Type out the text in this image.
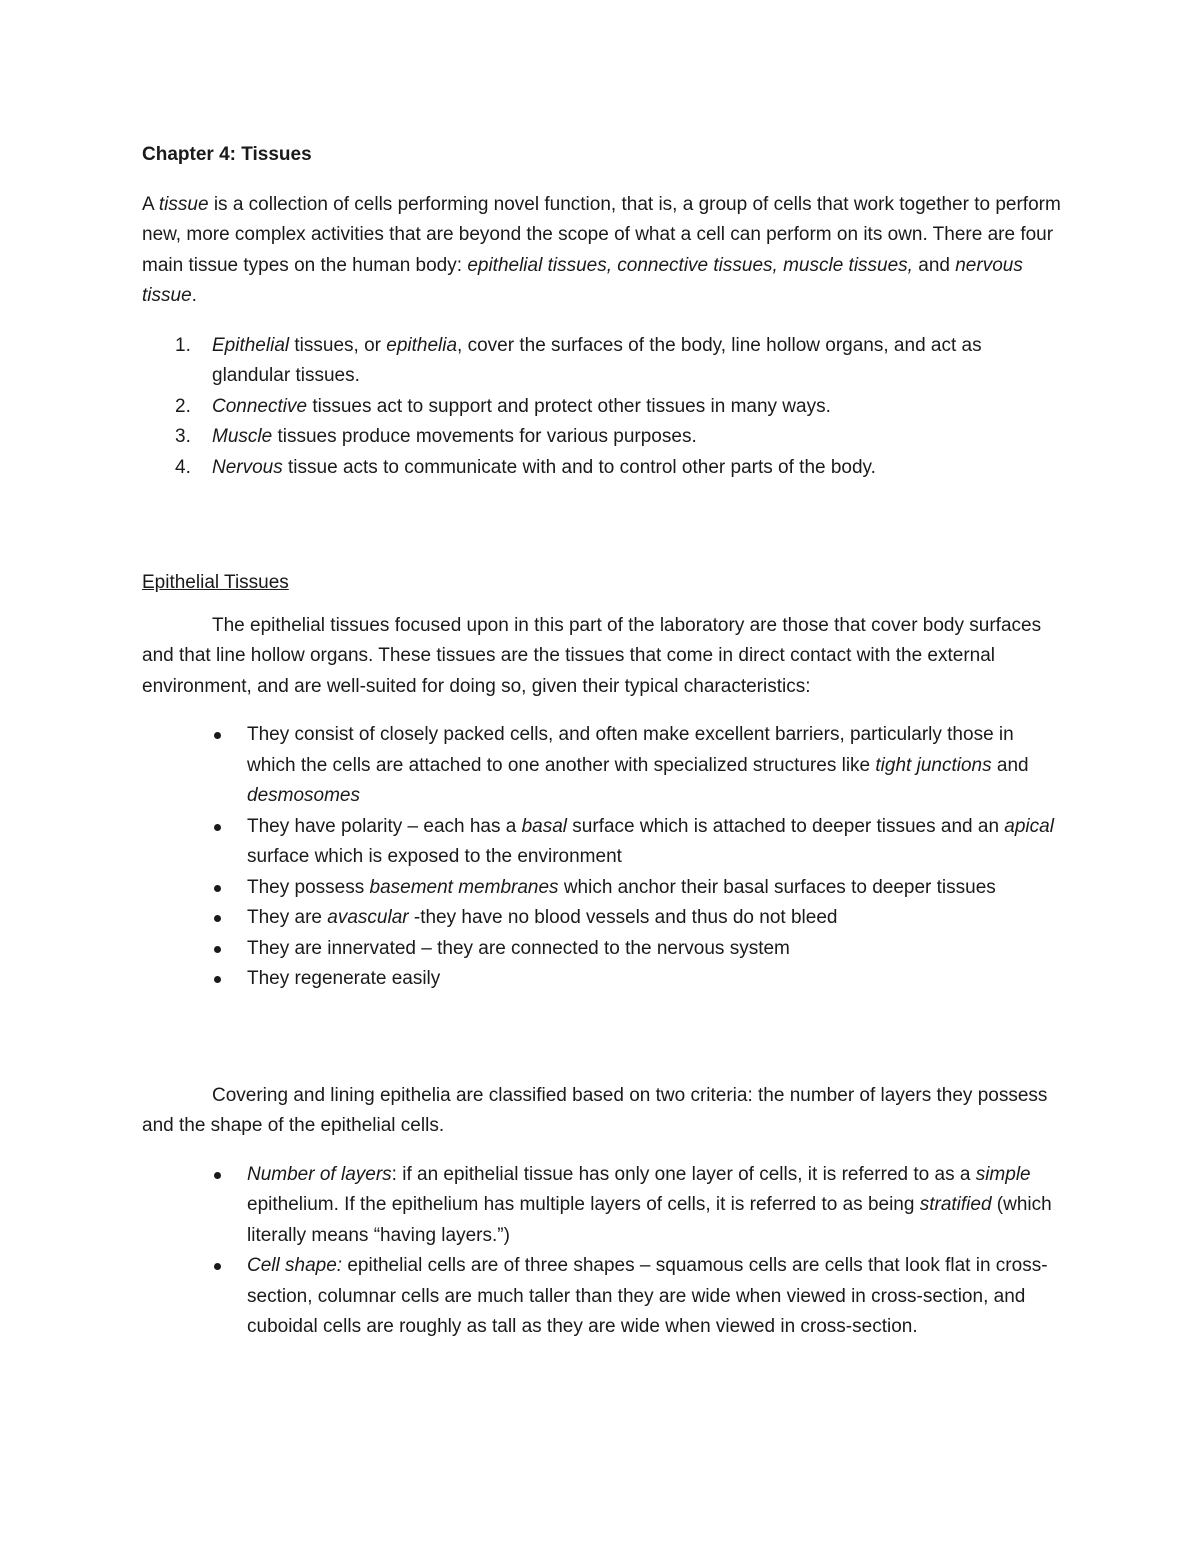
Chapter 4: Tissues

A tissue is a collection of cells performing novel function, that is, a group of cells that work together to perform new, more complex activities that are beyond the scope of what a cell can perform on its own. There are four main tissue types on the human body: epithelial tissues, connective tissues, muscle tissues, and nervous tissue.

1. Epithelial tissues, or epithelia, cover the surfaces of the body, line hollow organs, and act as glandular tissues.
2. Connective tissues act to support and protect other tissues in many ways.
3. Muscle tissues produce movements for various purposes.
4. Nervous tissue acts to communicate with and to control other parts of the body.

Epithelial Tissues

The epithelial tissues focused upon in this part of the laboratory are those that cover body surfaces and that line hollow organs. These tissues are the tissues that come in direct contact with the external environment, and are well-suited for doing so, given their typical characteristics:

They consist of closely packed cells, and often make excellent barriers, particularly those in which the cells are attached to one another with specialized structures like tight junctions and desmosomes
They have polarity – each has a basal surface which is attached to deeper tissues and an apical surface which is exposed to the environment
They possess basement membranes which anchor their basal surfaces to deeper tissues
They are avascular -they have no blood vessels and thus do not bleed
They are innervated – they are connected to the nervous system
They regenerate easily

Covering and lining epithelia are classified based on two criteria: the number of layers they possess and the shape of the epithelial cells.

Number of layers: if an epithelial tissue has only one layer of cells, it is referred to as a simple epithelium. If the epithelium has multiple layers of cells, it is referred to as being stratified (which literally means “having layers.”)
Cell shape: epithelial cells are of three shapes – squamous cells are cells that look flat in cross-section, columnar cells are much taller than they are wide when viewed in cross-section, and cuboidal cells are roughly as tall as they are wide when viewed in cross-section.
